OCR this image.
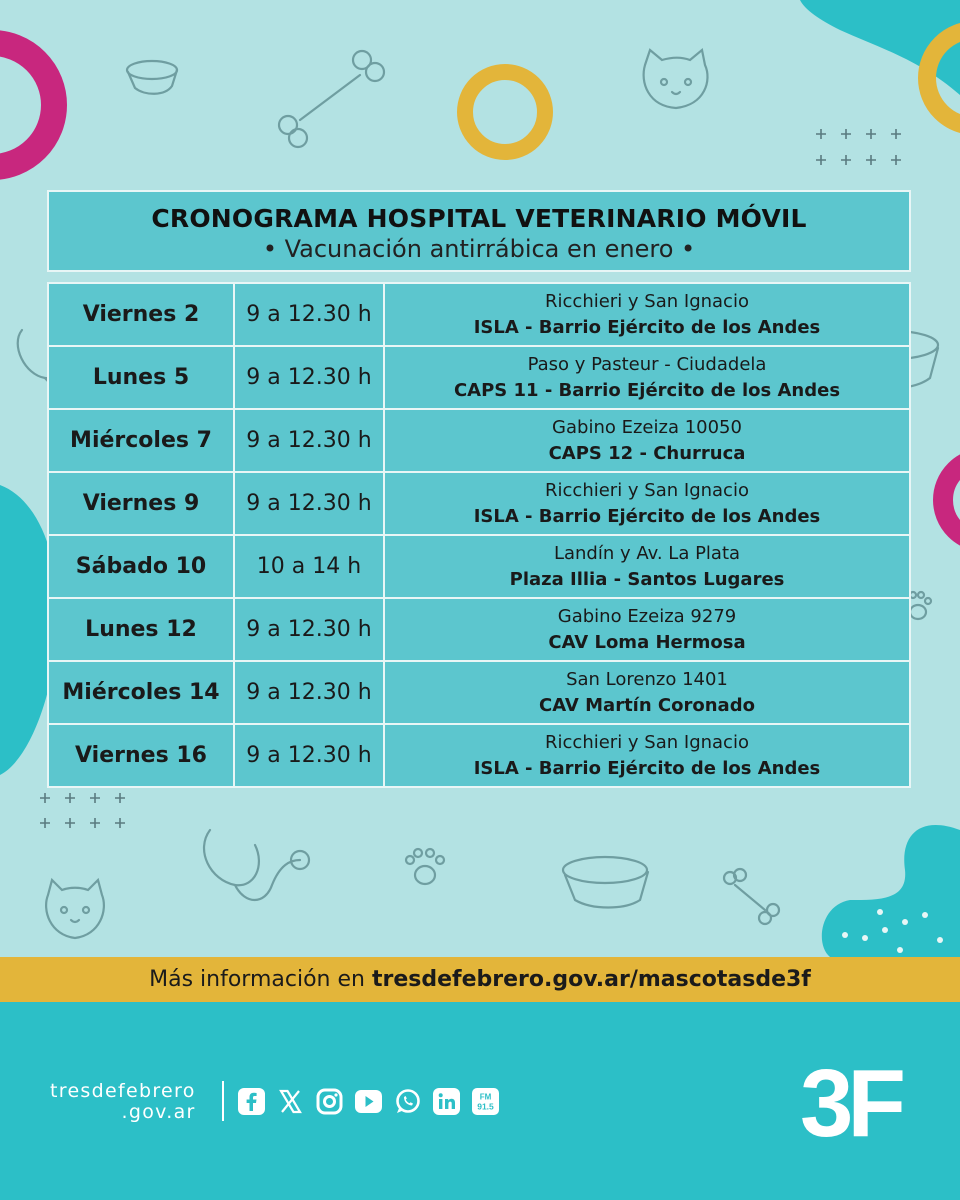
CRONOGRAMA HOSPITAL VETERINARIO MÓVIL
• Vacunación antirrábica en enero •
Viernes 2	9 a 12.30 h	Ricchieri y San Ignacio
ISLA - Barrio Ejército de los Andes

Lunes 5	9 a 12.30 h	Paso y Pasteur - Ciudadela
CAPS 11 - Barrio Ejército de los Andes

Miércoles 7	9 a 12.30 h	Gabino Ezeiza 10050
CAPS 12 - Churruca

Viernes 9	9 a 12.30 h	Ricchieri y San Ignacio
ISLA - Barrio Ejército de los Andes

Sábado 10	10 a 14 h	Landín y Av. La Plata
Plaza Illia - Santos Lugares

Lunes 12	9 a 12.30 h	Gabino Ezeiza 9279
CAV Loma Hermosa

Miércoles 14	9 a 12.30 h	San Lorenzo 1401
CAV Martín Coronado

Viernes 16	9 a 12.30 h	Ricchieri y San Ignacio
ISLA - Barrio Ejército de los Andes
Más información en tresdefebrero.gov.ar/mascotasde3f
tresdefebrero
.gov.ar
FM
91.5	3F
